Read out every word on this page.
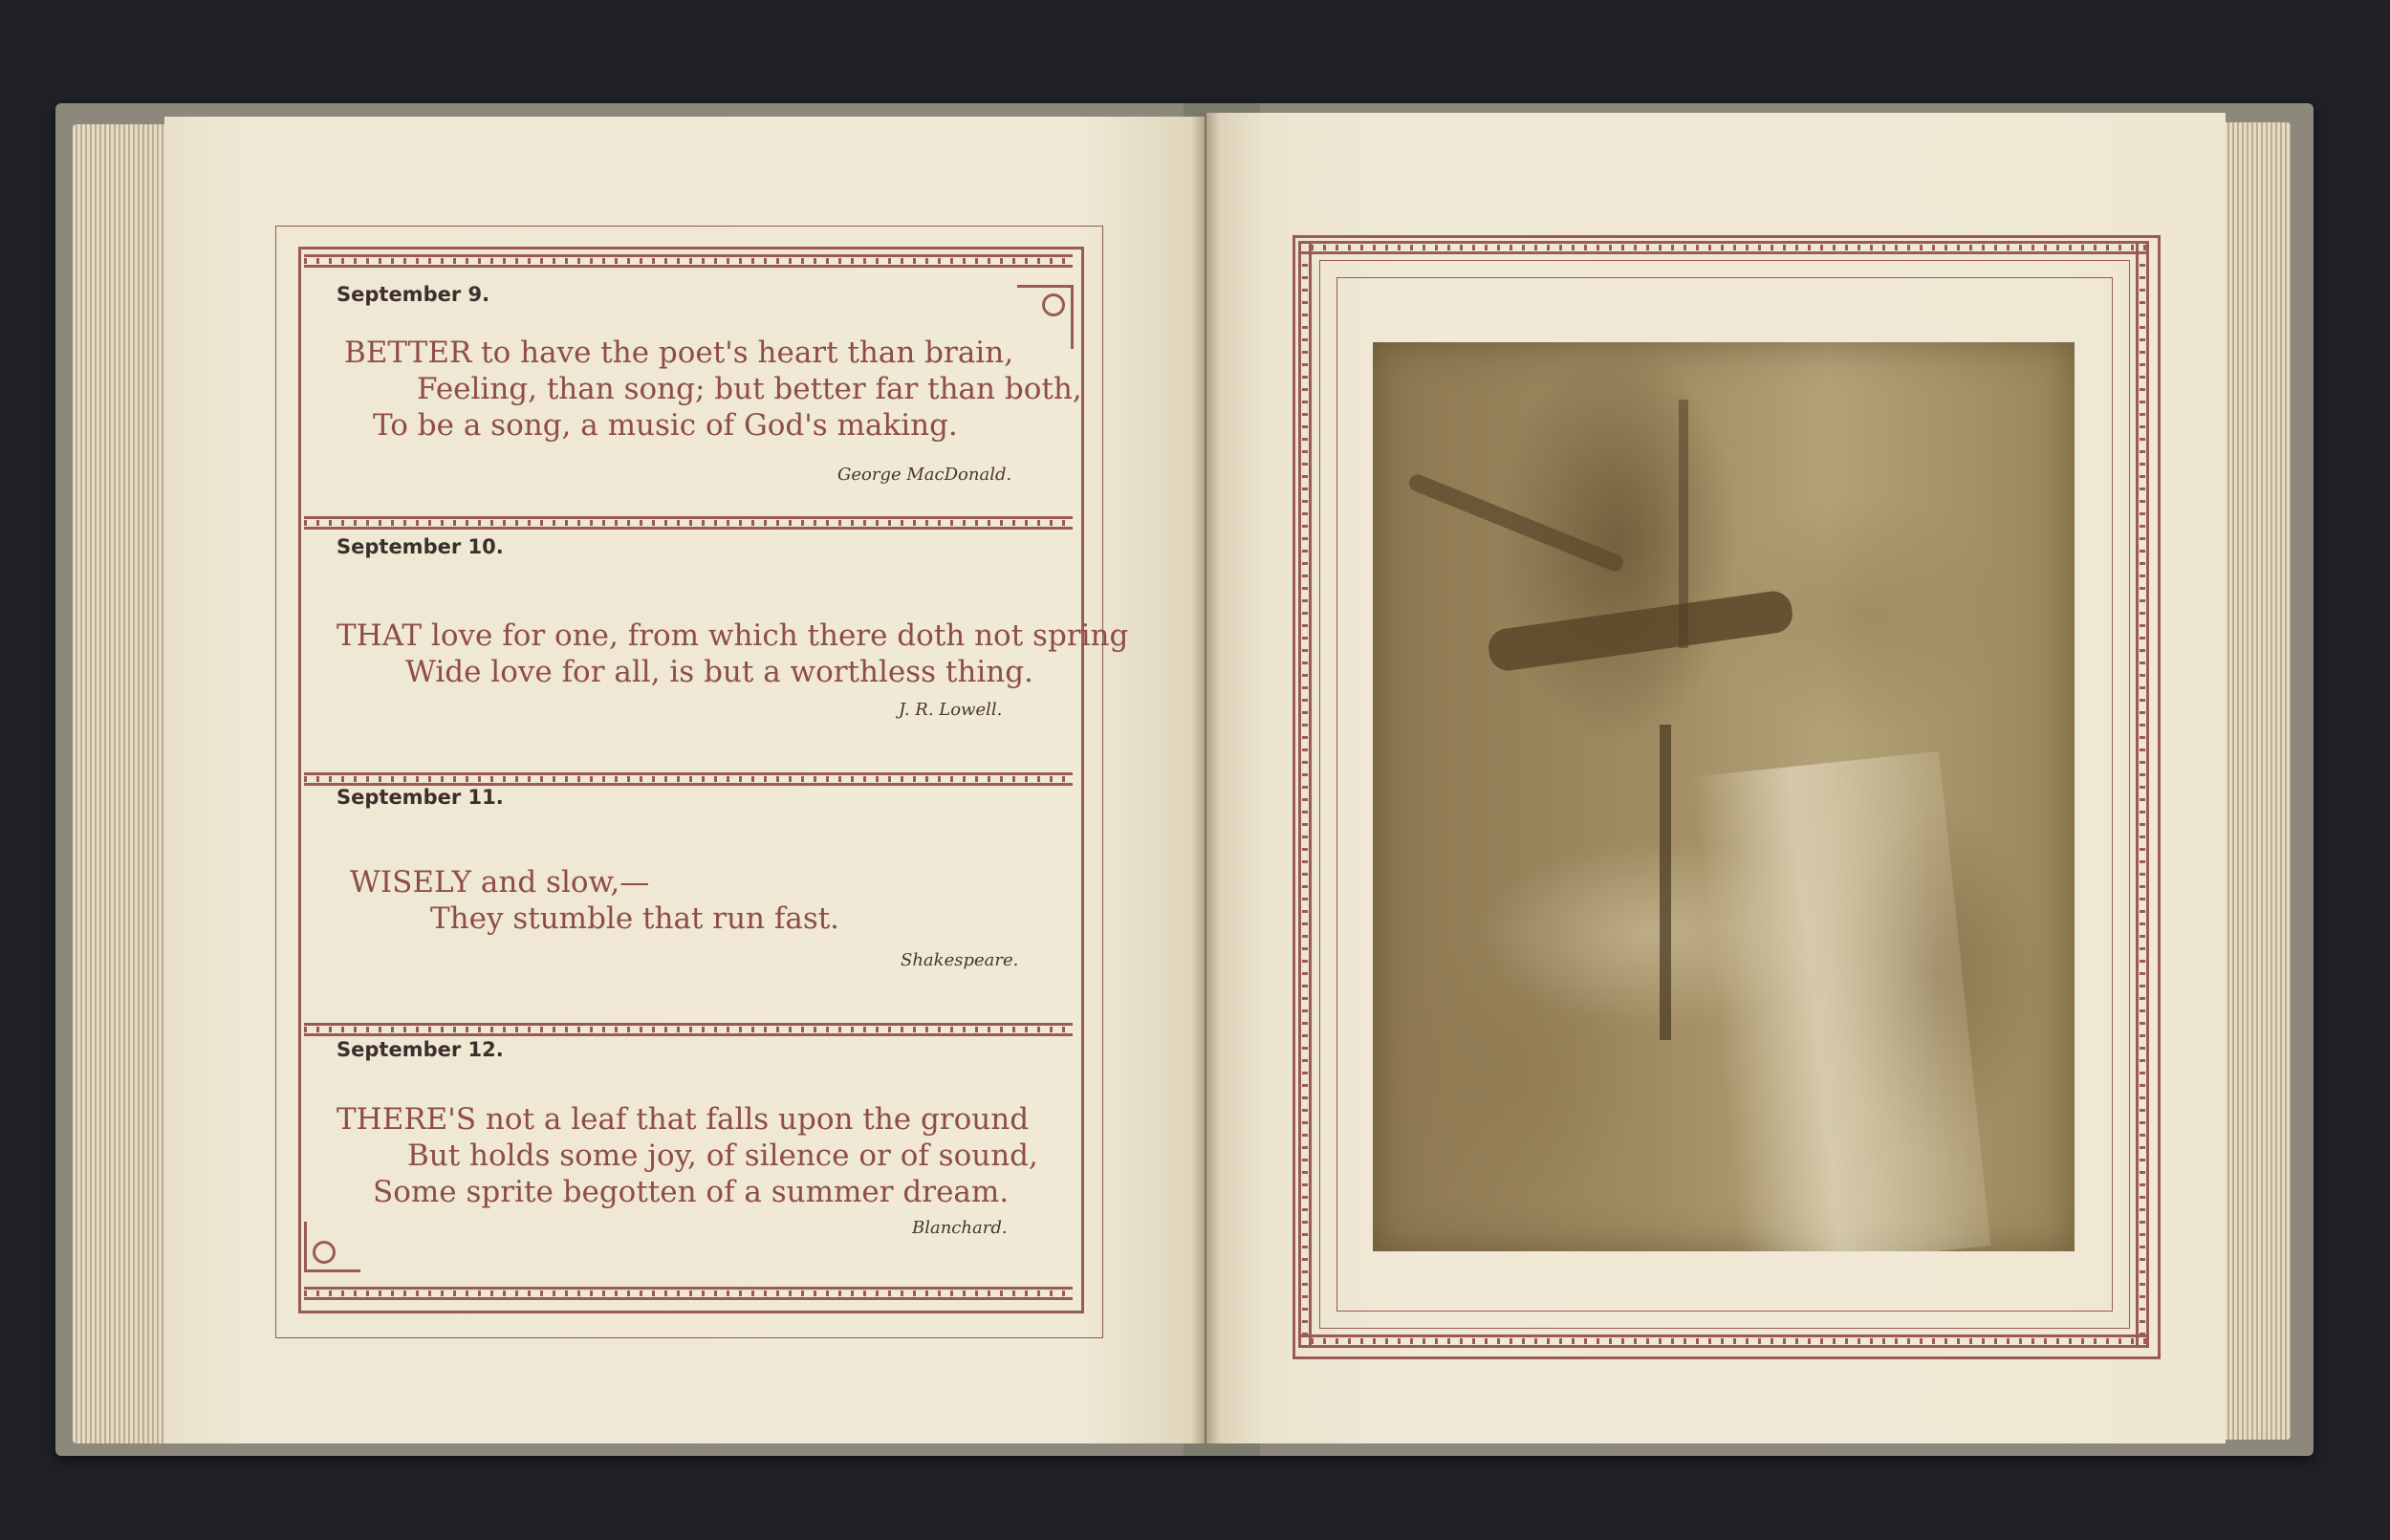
September 9.
BETTER to have the poet's heart than brain,
Feeling, than song; but better far than both,
To be a song, a music of God's making.
George MacDonald.
September 10.
THAT love for one, from which there doth not spring
Wide love for all, is but a worthless thing.
J. R. Lowell.
September 11.
WISELY and slow,—
They stumble that run fast.
Shakespeare.
September 12.
THERE'S not a leaf that falls upon the ground
But holds some joy, of silence or of sound,
Some sprite begotten of a summer dream.
Blanchard.
